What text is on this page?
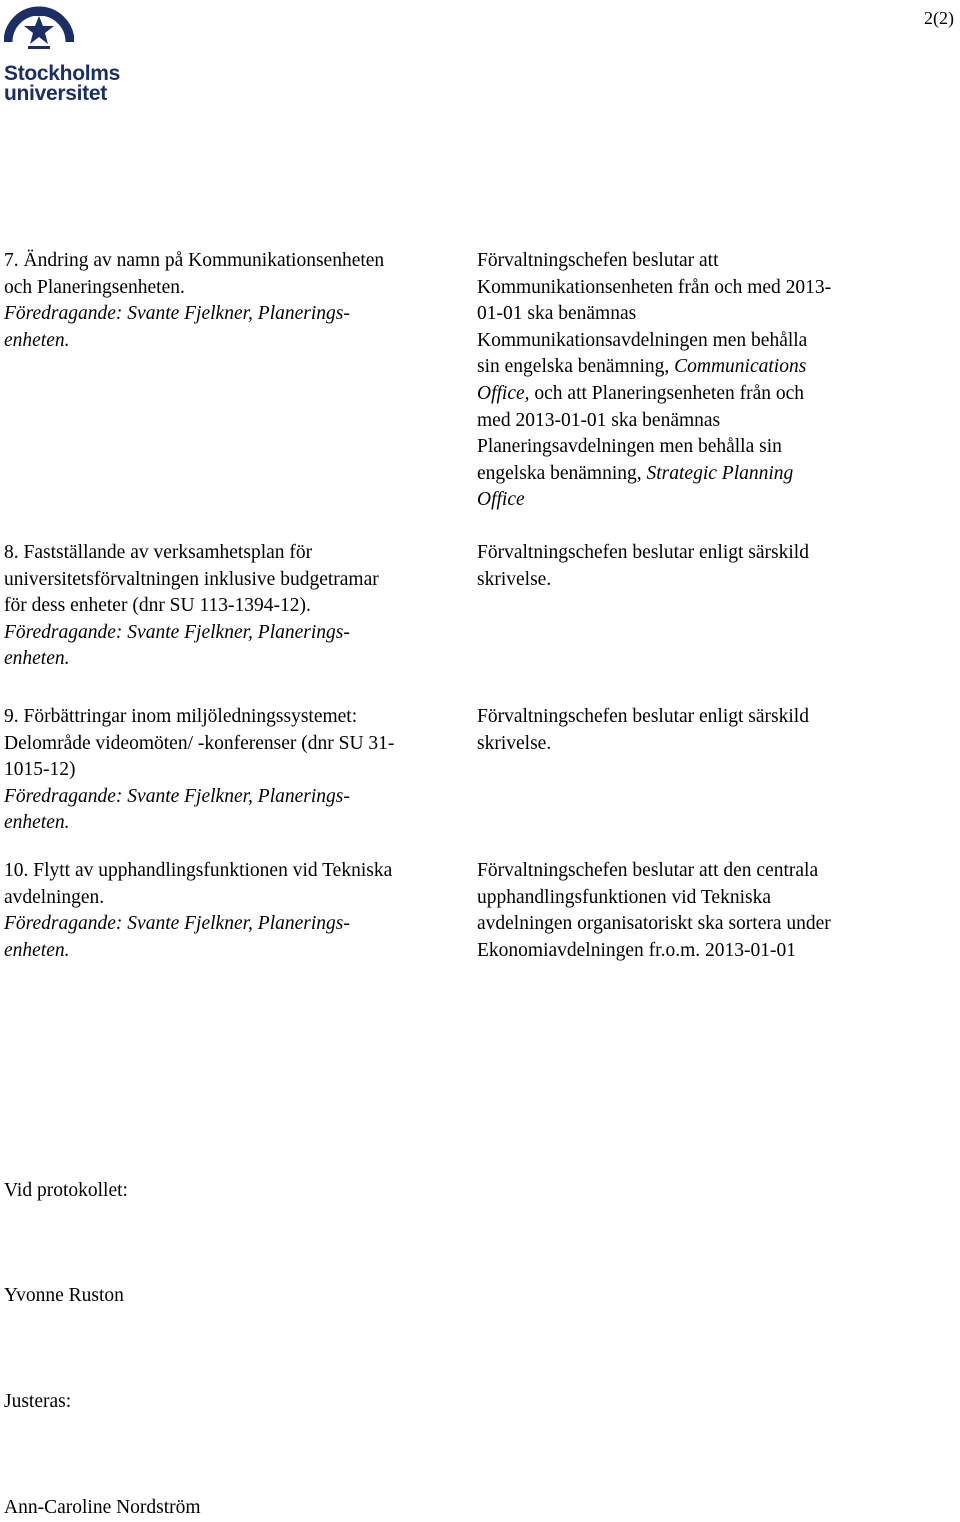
Stockholms
universitet
2(2)

7. Ändring av namn på Kommunikationsenheten

och Planeringsenheten.

Föredragande: Svante Fjelkner, Planerings-

enheten.

Förvaltningschefen beslutar att

Kommunikationsenheten från och med 2013-

01-01 ska benämnas

Kommunikationsavdelningen men behålla

sin engelska benämning, Communications

Office, och att Planeringsenheten från och

med 2013-01-01 ska benämnas

Planeringsavdelningen men behålla sin

engelska benämning, Strategic Planning

Office

8. Fastställande av verksamhetsplan för

universitetsförvaltningen inklusive budgetramar

för dess enheter (dnr SU 113-1394-12).

Föredragande: Svante Fjelkner, Planerings-

enheten.

Förvaltningschefen beslutar enligt särskild

skrivelse.

9. Förbättringar inom miljöledningssystemet:

Delområde videomöten/ -konferenser (dnr SU 31-

1015-12)

Föredragande: Svante Fjelkner, Planerings-

enheten.

Förvaltningschefen beslutar enligt särskild

skrivelse.

10. Flytt av upphandlingsfunktionen vid Tekniska

avdelningen.

Föredragande: Svante Fjelkner, Planerings-

enheten.

Förvaltningschefen beslutar att den centrala

upphandlingsfunktionen vid Tekniska

avdelningen organisatoriskt ska sortera under

Ekonomiavdelningen fr.o.m. 2013-01-01

Vid protokollet:
Yvonne Ruston
Justeras:
Ann-Caroline Nordström
